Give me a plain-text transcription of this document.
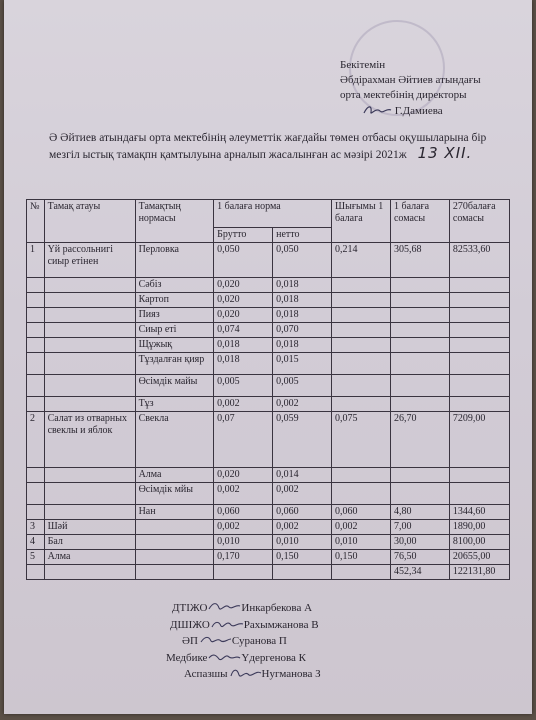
Бекітемін
Әбдірахман Әйтиев атындағы
орта мектебінің директоры
Г.Дамиева
Ә Әйтиев атындағы орта мектебінің әлеуметтік жағдайы төмен отбасы оқушыларына бір мезгіл ыстық тамақпн қамтылуына арналып жасалынған ас мәзірі 2021ж 13 XII.
№	Тамақ атауы	Тамақтың нормасы	1 балаға норма		Шығымы 1 балага	1 балаға сомасы	270балаға сомасы
			Брутто	нетто			
1	Үй рассольнигі сиыр етінен	Перловка	0,050	0,050	0,214	305,68	82533,60
		Сәбіз	0,020	0,018			
		Картоп	0,020	0,018			
		Пияз	0,020	0,018			
		Сиыр еті	0,074	0,070			
		Щұжық	0,018	0,018			
		Тұздалған қияр	0,018	0,015			
		Өсімдік майы	0,005	0,005			
		Тұз	0,002	0,002			
2	Салат из отварных свеклы и яблок	Свекла	0,07	0,059	0,075	26,70	7209,00
		Алма	0,020	0,014			
		Өсімдік мйы	0,002	0,002			
		Нан	0,060	0,060	0,060	4,80	1344,60
3	Шәй		0,002	0,002	0,002	7,00	1890,00
4	Бал		0,010	0,010	0,010	30,00	8100,00
5	Алма		0,170	0,150	0,150	76,50	20655,00
						452,34	122131,80
ДТІЖО	Инкарбекова А
ДШІЖО	Рахымжанова В
ӘП	Суранова П
Медбике	Үдергенова К
Аспазшы	Нугманова З
